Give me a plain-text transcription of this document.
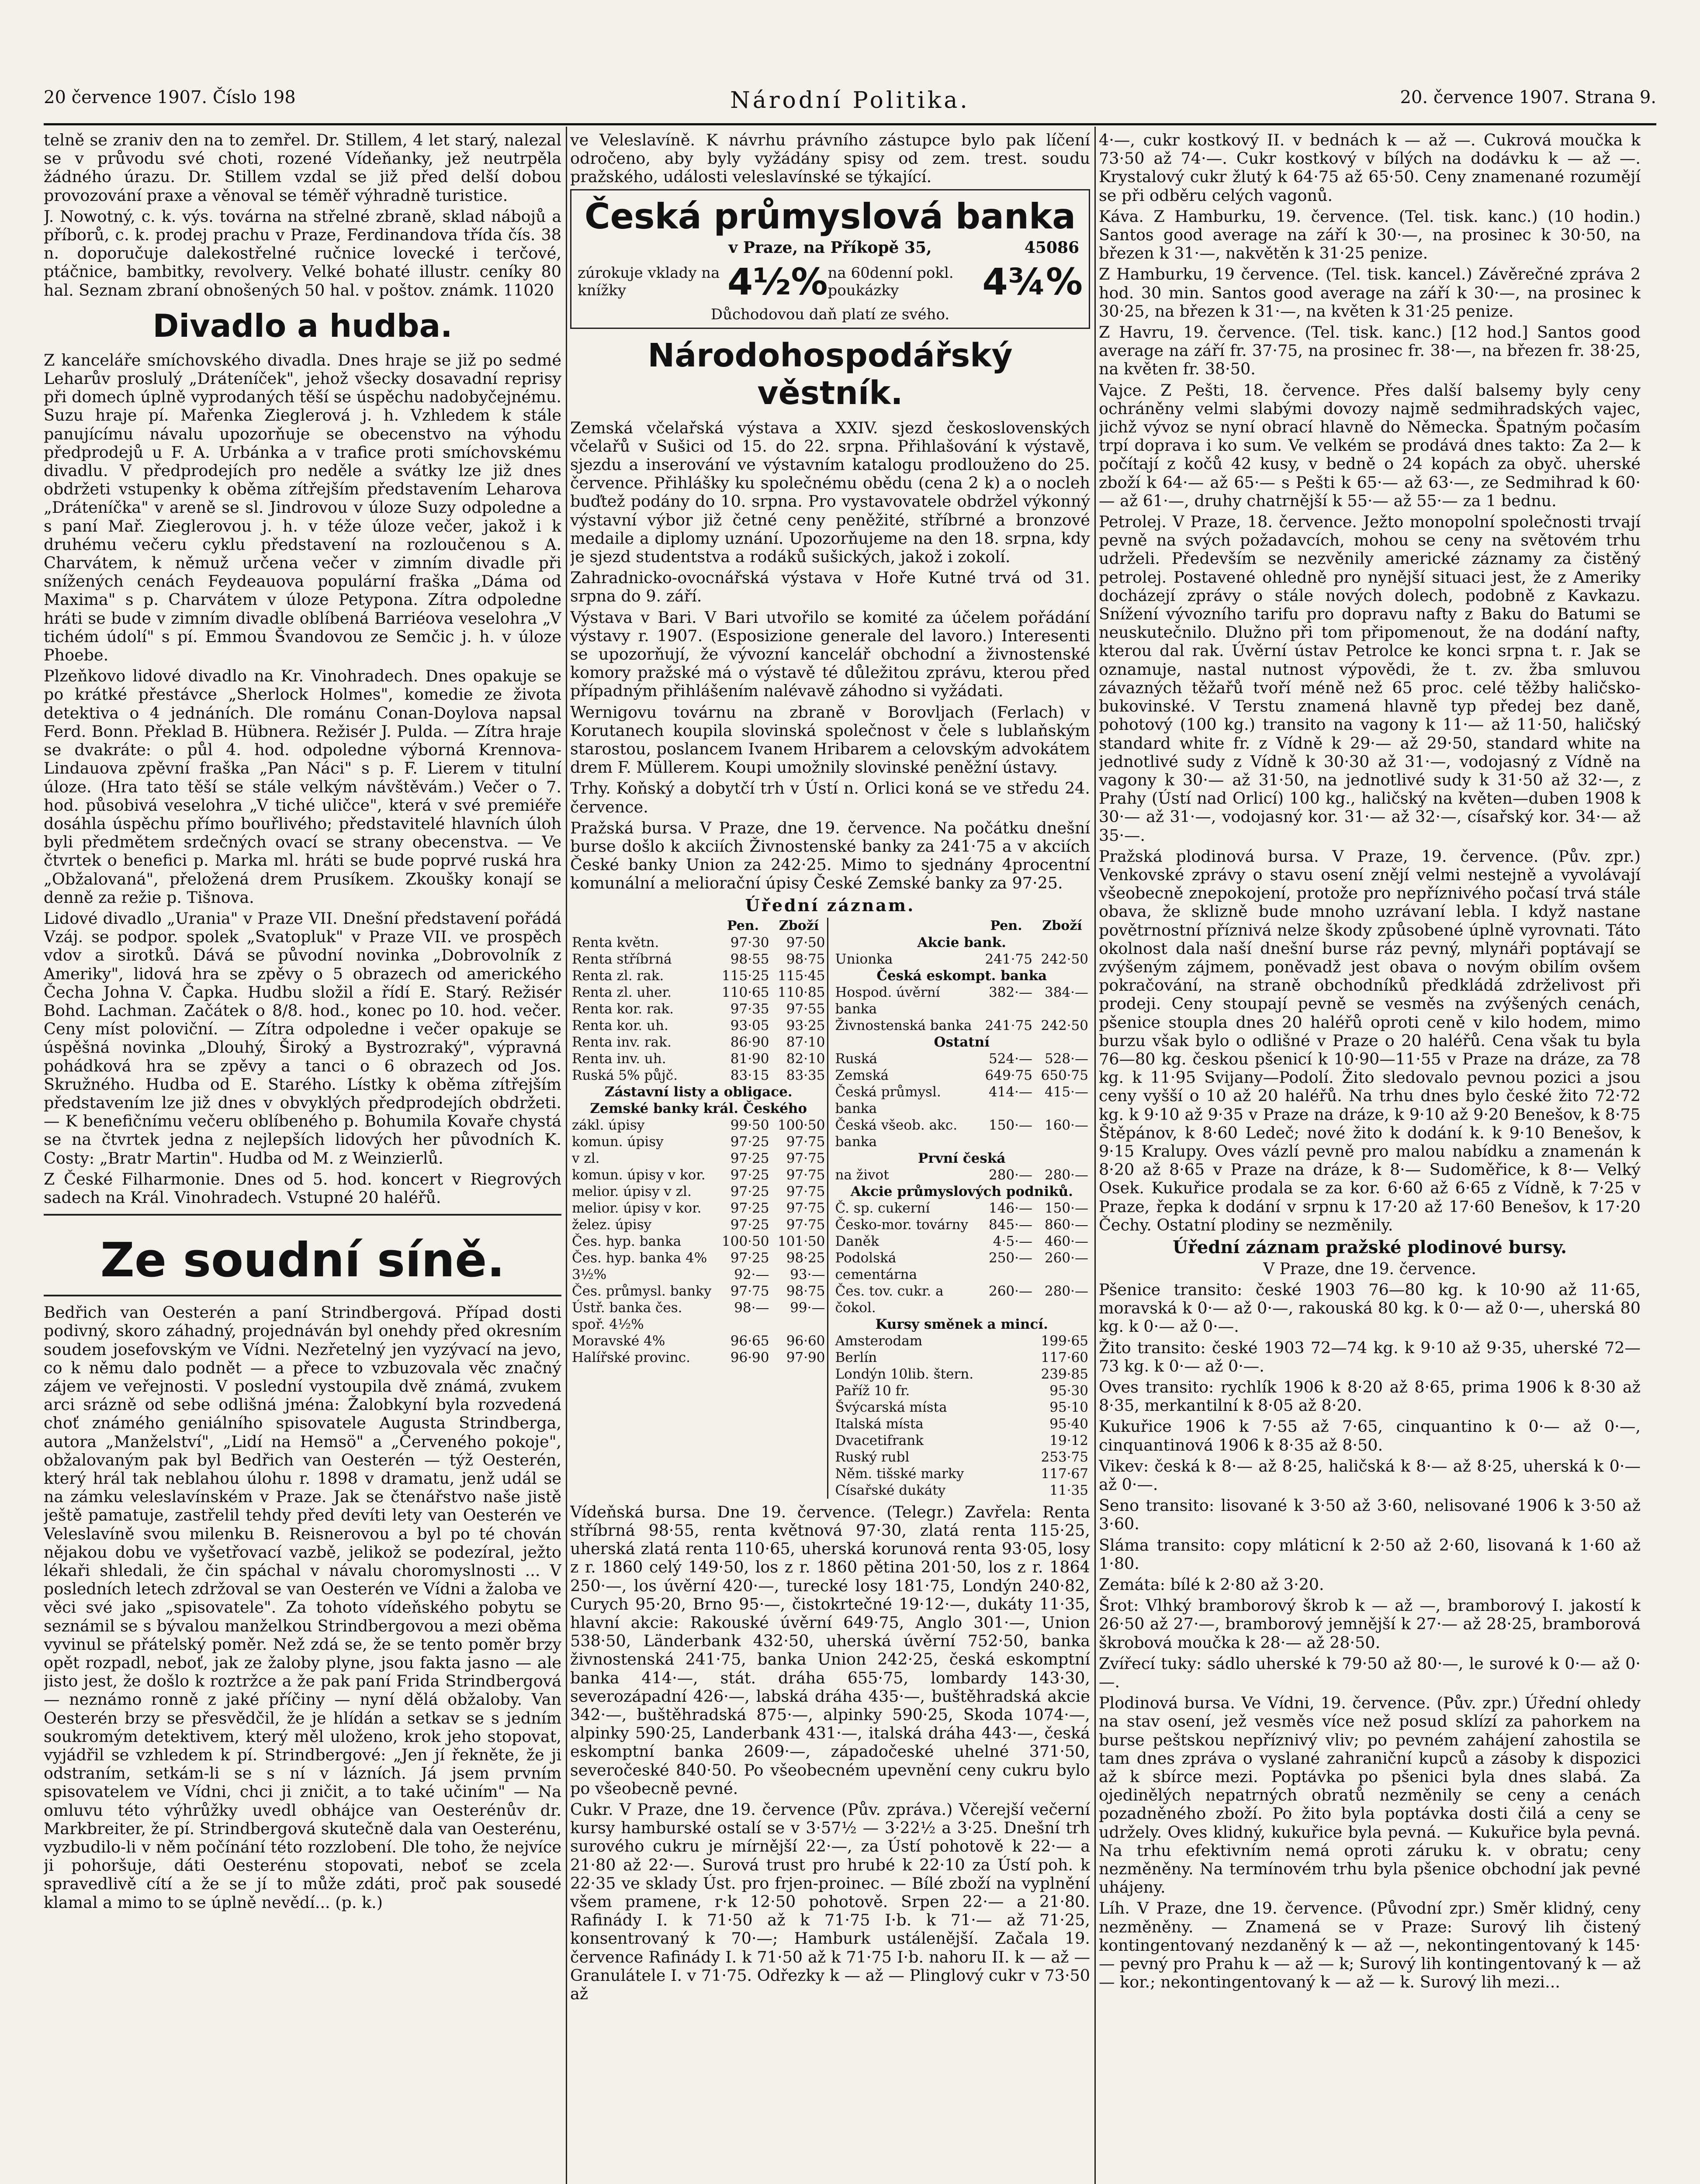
20 července 1907. Číslo 198	Národní Politika.	20. července 1907. Strana 9.

telně se zraniv den na to zemřel. Dr. Stillem, 4 let starý, nalezal se v průvodu své choti, rozené Vídeňanky, jež neutrpěla žádného úrazu. Dr. Stillem vzdal se již před delší dobou provozování praxe a věnoval se téměř výhradně turistice.

J. Nowotný, c. k. výs. továrna na střelné zbraně, sklad nábojů a příborů, c. k. prodej prachu v Praze, Ferdinandova třída čís. 38 n. doporučuje dalekostřelné ručnice lovecké i terčové, ptáčnice, bambitky, revolvery. Velké bohaté illustr. ceníky 80 hal. Seznam zbraní obnošených 50 hal. v poštov. známk. 11020

Divadlo a hudba.

Z kanceláře smíchovského divadla. Dnes hraje se již po sedmé Leharův proslulý „Dráteníček", jehož všecky dosavadní reprisy při domech úplně vyprodaných těší se úspěchu nadobyčejnému. Suzu hraje pí. Mařenka Zieglerová j. h. Vzhledem k stále panujícímu návalu upozorňuje se obecenstvo na výhodu předprodejů u F. A. Urbánka a v trafice proti smíchovskému divadlu. V předprodejích pro neděle a svátky lze již dnes obdržeti vstupenky k oběma zítřejším představením Leharova „Dráteníčka" v areně se sl. Jindrovou v úloze Suzy odpoledne a s paní Mař. Zieglerovou j. h. v téže úloze večer, jakož i k druhému večeru cyklu představení na rozloučenou s A. Charvátem, k němuž určena večer v zimním divadle při snížených cenách Feydeauova populární fraška „Dáma od Maxima" s p. Charvátem v úloze Petypona. Zítra odpoledne hráti se bude v zimním divadle oblíbená Barriéova veselohra „V tichém údolí" s pí. Emmou Švandovou ze Semčic j. h. v úloze Phoebe.

Plzeňkovo lidové divadlo na Kr. Vinohradech. Dnes opakuje se po krátké přestávce „Sherlock Holmes", komedie ze života detektiva o 4 jednáních. Dle románu Conan-Doylova napsal Ferd. Bonn. Překlad B. Hübnera. Režisér J. Pulda. — Zítra hraje se dvakráte: o půl 4. hod. odpoledne výborná Krennova-Lindauova zpěvní fraška „Pan Náci" s p. F. Lierem v titulní úloze. (Hra tato těší se stále velkým návštěvám.) Večer o 7. hod. působivá veselohra „V tiché uličce", která v své premiéře dosáhla úspěchu přímo bouřlivého; představitelé hlavních úloh byli předmětem srdečných ovací se strany obecenstva. — Ve čtvrtek o benefici p. Marka ml. hráti se bude poprvé ruská hra „Obžalovaná", přeložená drem Prusíkem. Zkoušky konají se denně za režie p. Tišnova.

Lidové divadlo „Urania" v Praze VII. Dnešní představení pořádá Vzáj. se podpor. spolek „Svatopluk" v Praze VII. ve prospěch vdov a sirotků. Dává se původní novinka „Dobrovolník z Ameriky", lidová hra se zpěvy o 5 obrazech od amerického Čecha Johna V. Čapka. Hudbu složil a řídí E. Starý. Režisér Bohd. Lachman. Začátek o 8/8. hod., konec po 10. hod. večer. Ceny míst poloviční. — Zítra odpoledne i večer opakuje se úspěšná novinka „Dlouhý, Široký a Bystrozraký", výpravná pohádková hra se zpěvy a tanci o 6 obrazech od Jos. Skružného. Hudba od E. Starého. Lístky k oběma zítřejším představením lze již dnes v obvyklých předprodejích obdržeti. — K benefičnímu večeru oblíbeného p. Bohumila Kovaře chystá se na čtvrtek jedna z nejlepších lidových her původních K. Costy: „Bratr Martin". Hudba od M. z Weinzierlů.

Z České Filharmonie. Dnes od 5. hod. koncert v Riegrových sadech na Král. Vinohradech. Vstupné 20 haléřů.

Ze soudní síně.

Bedřich van Oesterén a paní Strindbergová. Případ dosti podivný, skoro záhadný, projednáván byl onehdy před okresním soudem josefovským ve Vídni. Nezřetelný jen vyzývací na jevo, co k němu dalo podnět — a přece to vzbuzovala věc značný zájem ve veřejnosti. V poslední vystoupila dvě známá, zvukem arci srázně od sebe odlišná jména: Žalobkyní byla rozvedená choť známého geniálního spisovatele Augusta Strindberga, autora „Manželství", „Lidí na Hemsö" a „Červeného pokoje", obžalovaným pak byl Bedřich van Oesterén — týž Oesterén, který hrál tak neblahou úlohu r. 1898 v dramatu, jenž udál se na zámku veleslavínském v Praze. Jak se čtenářstvo naše jistě ještě pamatuje, zastřelil tehdy před devíti lety van Oesterén ve Veleslavíně svou milenku B. Reisnerovou a byl po té chován nějakou dobu ve vyšetřovací vazbě, jelikož se podezíral, ježto lékaři shledali, že čin spáchal v návalu choromyslnosti ... V posledních letech zdržoval se van Oesterén ve Vídni a žaloba ve věci své jako „spisovatele". Za tohoto vídeňského pobytu se seznámil se s bývalou manželkou Strindbergovou a mezi oběma vyvinul se přátelský poměr. Než zdá se, že se tento poměr brzy opět rozpadl, neboť, jak ze žaloby plyne, jsou fakta jasno — ale jisto jest, že došlo k roztržce a že pak paní Frida Strindbergová — neznámo ronně z jaké příčiny — nyní dělá obžaloby. Van Oesterén brzy se přesvědčil, že je hlídán a setkav se s jedním soukromým detektivem, který měl uloženo, krok jeho stopovat, vyjádřil se vzhledem k pí. Strindbergové: „Jen jí řekněte, že ji odstraním, setkám-li se s ní v lázních. Já jsem prvním spisovatelem ve Vídni, chci ji zničit, a to také učiním" — Na omluvu této výhrůžky uvedl obhájce van Oesterénův dr. Markbreiter, že pí. Strindbergová skutečně dala van Oesterénu, vyzbudilo-li v něm počínání této rozzlobení. Dle toho, že nejvíce ji pohoršuje, dáti Oesterénu stopovati, neboť se zcela spravedlivě cítí a že se jí to může zdáti, proč pak sousedé klamal a mimo to se úplně nevědí... (p. k.)

ve Veleslavíně. K návrhu právního zástupce bylo pak líčení odročeno, aby byly vyžádány spisy od zem. trest. soudu pražského, události veleslavínské se týkající.

Česká průmyslová banka
v Praze, na Příkopě 35,	45086
zúrokuje vklady na knížky	4½% na 60denní pokl. poukázky	4¾%
Důchodovou daň platí ze svého.
Národohospodářský věstník.

Zemská včelařská výstava a XXIV. sjezd československých včelařů v Sušici od 15. do 22. srpna. Přihlašování k výstavě, sjezdu a inserování ve výstavním katalogu prodlouženo do 25. července. Přihlášky ku společnému obědu (cena 2 k) a o nocleh buďtež podány do 10. srpna. Pro vystavovatele obdržel výkonný výstavní výbor již četné ceny peněžité, stříbrné a bronzové medaile a diplomy uznání. Upozorňujeme na den 18. srpna, kdy je sjezd studentstva a rodáků sušických, jakož i zokolí.

Zahradnicko-ovocnářská výstava v Hoře Kutné trvá od 31. srpna do 9. září.

Výstava v Bari. V Bari utvořilo se komité za účelem pořádání výstavy r. 1907. (Esposizione generale del lavoro.) Interesenti se upozorňují, že vývozní kancelář obchodní a živnostenské komory pražské má o výstavě té důležitou zprávu, kterou před případným přihlášením nalévavě záhodno si vyžádati.

Wernigovu továrnu na zbraně v Borovljach (Ferlach) v Korutanech koupila slovinská společnost v čele s lublaňským starostou, poslancem Ivanem Hribarem a celovským advokátem drem F. Müllerem. Koupi umožnily slovinské peněžní ústavy.

Trhy. Koňský a dobytčí trh v Ústí n. Orlici koná se ve středu 24. července.

Pražská bursa. V Praze, dne 19. července. Na počátku dnešní burse došlo k akciích Živnostenské banky za 241·75 a v akciích České banky Union za 242·25. Mimo to sjednány 4procentní komunální a meliorační úpisy České Zemské banky za 97·25.

Úřední záznam.
	Pen.	Zboží
Renta květn.	97·30	97·50
Renta stříbrná	98·55	98·75
Renta zl. rak.	115·25	115·45
Renta zl. uher.	110·65	110·85
Renta kor. rak.	97·35	97·55
Renta kor. uh.	93·05	93·25
Renta inv. rak.	86·90	87·10
Renta inv. uh.	81·90	82·10
Ruská 5% půjč.	83·15	83·35
Zástavní listy a obligace.		
Zemské banky král. Českého		
zákl. úpisy	99·50	100·50
komun. úpisy	97·25	97·75
v zl.	97·25	97·75
komun. úpisy v kor.	97·25	97·75
melior. úpisy v zl.	97·25	97·75
melior. úpisy v kor.	97·25	97·75
želez. úpisy	97·25	97·75
Čes. hyp. banka	100·50	101·50
Čes. hyp. banka 4%	97·25	98·25
3½%	92·—	93·—
Čes. průmysl. banky	97·75	98·75
Ústř. banka čes. spoř. 4½%	98·—	99·—
Moravské 4%	96·65	96·60
Halířské provinc.	96·90	97·90
	Pen.	Zboží
Akcie bank.		
Unionka	241·75	242·50
Česká eskompt. banka		
Hospod. úvěrní banka	382·—	384·—
Živnostenská banka	241·75	242·50
Ostatní		
Ruská	524·—	528·—
Zemská	649·75	650·75
Česká průmysl. banka	414·—	415·—
Česká všeob. akc. banka	150·—	160·—
První česká		
na život	280·—	280·—
Akcie průmyslových podniků.		
Č. sp. cukerní	146·—	150·—
Česko-mor. továrny	845·—	860·—
Daněk	4·5·—	460·—
Podolská cementárna	250·—	260·—
Čes. tov. cukr. a čokol.	260·—	280·—
Kursy směnek a mincí.		
Amsterodam		199·65
Berlín		117·60
Londýn 10lib. štern.		239·85
Paříž 10 fr.		95·30
Švýcarská místa		95·10
Italská místa		95·40
Dvacetifrank		19·12
Ruský rubl		253·75
Něm. tišské marky		117·67
Císařské dukáty		11·35

Vídeňská bursa. Dne 19. července. (Telegr.) Zavřela: Renta stříbrná 98·55, renta květnová 97·30, zlatá renta 115·25, uherská zlatá renta 110·65, uherská korunová renta 93·05, losy z r. 1860 celý 149·50, los z r. 1860 pětina 201·50, los z r. 1864 250·—, los úvěrní 420·—, turecké losy 181·75, Londýn 240·82, Curych 95·20, Brno 95·—, čistokrtečné 19·12·—, dukáty 11·35, hlavní akcie: Rakouské úvěrní 649·75, Anglo 301·—, Union 538·50, Länderbank 432·50, uherská úvěrní 752·50, banka živnostenská 241·75, banka Union 242·25, česká eskomptní banka 414·—, stát. dráha 655·75, lombardy 143·30, severozápadní 426·—, labská dráha 435·—, buštěhradská akcie 342·—, buštěhradská 875·—, alpinky 590·25, Skoda 1074·—, alpinky 590·25, Landerbank 431·—, italská dráha 443·—, česká eskomptní banka 2609·—, západočeské uhelné 371·50, severočeské 840·50. Po všeobecném upevnění ceny cukru bylo po všeobecně pevné.

Cukr. V Praze, dne 19. července (Pův. zpráva.) Včerejší večerní kursy hamburské ostalí se v 3·57½ — 3·22½ a 3·25. Dnešní trh surového cukru je mírnější 22·—, za Ústí pohotově k 22·— a 21·80 až 22·—. Surová trust pro hrubé k 22·10 za Ústí poh. k 22·35 ve sklady Úst. pro frjen-proinec. — Bílé zboží na vyplnění všem pramene, r·k 12·50 pohotově. Srpen 22·— a 21·80. Rafinády I. k 71·50 až k 71·75 I·b. k 71·— až 71·25, konsentrovaný k 70·—; Hamburk ustálenější. Začala 19. července Rafinády I. k 71·50 až k 71·75 I·b. nahoru II. k — až — Granulátele I. v 71·75. Odřezky k — až — Plinglový cukr v 73·50 až

4·—, cukr kostkový II. v bednách k — až —. Cukrová moučka k 73·50 až 74·—. Cukr kostkový v bílých na dodávku k — až —. Krystalový cukr žlutý k 64·75 až 65·50. Ceny znamenané rozumějí se při odběru celých vagonů.

Káva. Z Hamburku, 19. července. (Tel. tisk. kanc.) (10 hodin.) Santos good average na září k 30·—, na prosinec k 30·50, na březen k 31·—, nakvětěn k 31·25 penize.

Z Hamburku, 19 července. (Tel. tisk. kancel.) Závěrečné zpráva 2 hod. 30 min. Santos good average na září k 30·—, na prosinec k 30·25, na březen k 31·—, na květen k 31·25 penize.

Z Havru, 19. července. (Tel. tisk. kanc.) [12 hod.] Santos good average na září fr. 37·75, na prosinec fr. 38·—, na březen fr. 38·25, na květen fr. 38·50.

Vajce. Z Pešti, 18. července. Přes další balsemy byly ceny ochráněny velmi slabými dovozy najmě sedmihradských vajec, jichž vývoz se nyní obrací hlavně do Německa. Špatným počasím trpí doprava i ko sum. Ve velkém se prodává dnes takto: Za 2— k počítají z kočů 42 kusy, v bedně o 24 kopách za obyč. uherské zboží k 64·— až 65·— s Pešti k 65·— až 63·—, ze Sedmihrad k 60·— až 61·—, druhy chatrnější k 55·— až 55·— za 1 bednu.

Petrolej. V Praze, 18. července. Ježto monopolní společnosti trvají pevně na svých požadavcích, mohou se ceny na světovém trhu udrželi. Především se nezvěnily americké záznamy za čistěný petrolej. Postavené ohledně pro nynější situaci jest, že z Ameriky docházejí zprávy o stále nových dolech, podobně z Kavkazu. Snížení vývozního tarifu pro dopravu nafty z Baku do Batumi se neuskutečnilo. Dlužno při tom připomenout, že na dodání nafty, kterou dal rak. Úvěrní ústav Petrolce ke konci srpna t. r. Jak se oznamuje, nastal nutnost výpovědi, že t. zv. žba smluvou závazných těžařů tvoří méně než 65 proc. celé těžby haličsko-bukovinské. V Terstu znamená hlavně typ předej bez daně, pohotový (100 kg.) transito na vagony k 11·— až 11·50, haličský standard white fr. z Vídně k 29·— až 29·50, standard white na jednotlivé sudy z Vídně k 30·30 až 31·—, vodojasný z Vídně na vagony k 30·— až 31·50, na jednotlivé sudy k 31·50 až 32·—, z Prahy (Ústí nad Orlicí) 100 kg., haličský na květen—duben 1908 k 30·— až 31·—, vodojasný kor. 31·— až 32·—, císařský kor. 34·— až 35·—.

Pražská plodinová bursa. V Praze, 19. července. (Pův. zpr.) Venkovské zprávy o stavu osení znějí velmi nestejně a vyvolávají všeobecně znepokojení, protože pro nepříznivého počasí trvá stále obava, že sklizně bude mnoho uzrávaní lebla. I když nastane povětrnostní příznivá nelze škody způsobené úplně vyrovnati. Táto okolnost dala naší dnešní burse ráz pevný, mlynáři poptávají se zvýšeným zájmem, poněvadž jest obava o novým obilím ovšem pokračování, na straně obchodníků předkládá zdrželivost při prodeji. Ceny stoupají pevně se vesměs na zvýšených cenách, pšenice stoupla dnes 20 haléřů oproti ceně v kilo hodem, mimo burzu však bylo o odlišné v Praze o 20 haléřů. Cena však tu byla 76—80 kg. českou pšenicí k 10·90—11·55 v Praze na dráze, za 78 kg. k 11·95 Svijany—Podolí. Žito sledovalo pevnou pozici a jsou ceny vyšší o 10 až 20 haléřů. Na trhu dnes bylo české žito 72·72 kg. k 9·10 až 9·35 v Praze na dráze, k 9·10 až 9·20 Benešov, k 8·75 Štěpánov, k 8·60 Ledeč; nové žito k dodání k. k 9·10 Benešov, k 9·15 Kralupy. Oves vázlí pevně pro malou nabídku a znamenán k 8·20 až 8·65 v Praze na dráze, k 8·— Sudoměřice, k 8·— Velký Osek. Kukuřice prodala se za kor. 6·60 až 6·65 z Vídně, k 7·25 v Praze, řepka k dodání v srpnu k 17·20 až 17·60 Benešov, k 17·20 Čechy. Ostatní plodiny se nezměnily.

Úřední záznam pražské plodinové bursy.
V Praze, dne 19. července.

Pšenice transito: české 1903 76—80 kg. k 10·90 až 11·65, moravská k 0·— až 0·—, rakouská 80 kg. k 0·— až 0·—, uherská 80 kg. k 0·— až 0·—.

Žito transito: české 1903 72—74 kg. k 9·10 až 9·35, uherské 72—73 kg. k 0·— až 0·—.

Oves transito: rychlík 1906 k 8·20 až 8·65, prima 1906 k 8·30 až 8·35, merkantilní k 8·05 až 8·20.

Kukuřice 1906 k 7·55 až 7·65, cinquantino k 0·— až 0·—, cinquantinová 1906 k 8·35 až 8·50.

Vikev: česká k 8·— až 8·25, haličská k 8·— až 8·25, uherská k 0·— až 0·—.

Seno transito: lisované k 3·50 až 3·60, nelisované 1906 k 3·50 až 3·60.

Sláma transito: copy mláticní k 2·50 až 2·60, lisovaná k 1·60 až 1·80.

Zemáta: bílé k 2·80 až 3·20.

Šrot: Vlhký bramborový škrob k — až —, bramborový I. jakostí k 26·50 až 27·—, bramborový jemnější k 27·— až 28·25, bramborová škrobová moučka k 28·— až 28·50.

Zvířecí tuky: sádlo uherské k 79·50 až 80·—, le surové k 0·— až 0·—.

Plodinová bursa. Ve Vídni, 19. července. (Pův. zpr.) Úřední ohledy na stav osení, jež vesměs více než posud sklízí za pahorkem na burse peštskou nepříznivý vliv; po pevném zahájení zahostila se tam dnes zpráva o vyslané zahraniční kupců a zásoby k dispozici až k sbírce mezi. Poptávka po pšenici byla dnes slabá. Za ojedinělých nepatrných obratů nezměnily se ceny a cenách pozadněného zboží. Po žito byla poptávka dosti čilá a ceny se udržely. Oves klidný, kukuřice byla pevná. — Kukuřice byla pevná. Na trhu efektivním nemá oproti záruku k. v obratu; ceny nezměněny. Na termínovém trhu byla pšenice obchodní jak pevné uhájeny.

Líh. V Praze, dne 19. července. (Původní zpr.) Směr klidný, ceny nezměněny. — Znamená se v Praze: Surový lih čistený kontingentovaný nezdaněný k — až —, nekontingentovaný k 145·— pevný pro Prahu k — až — k; Surový lih kontingentovaný k — až — kor.; nekontingentovaný k — až — k. Surový lih mezi...
